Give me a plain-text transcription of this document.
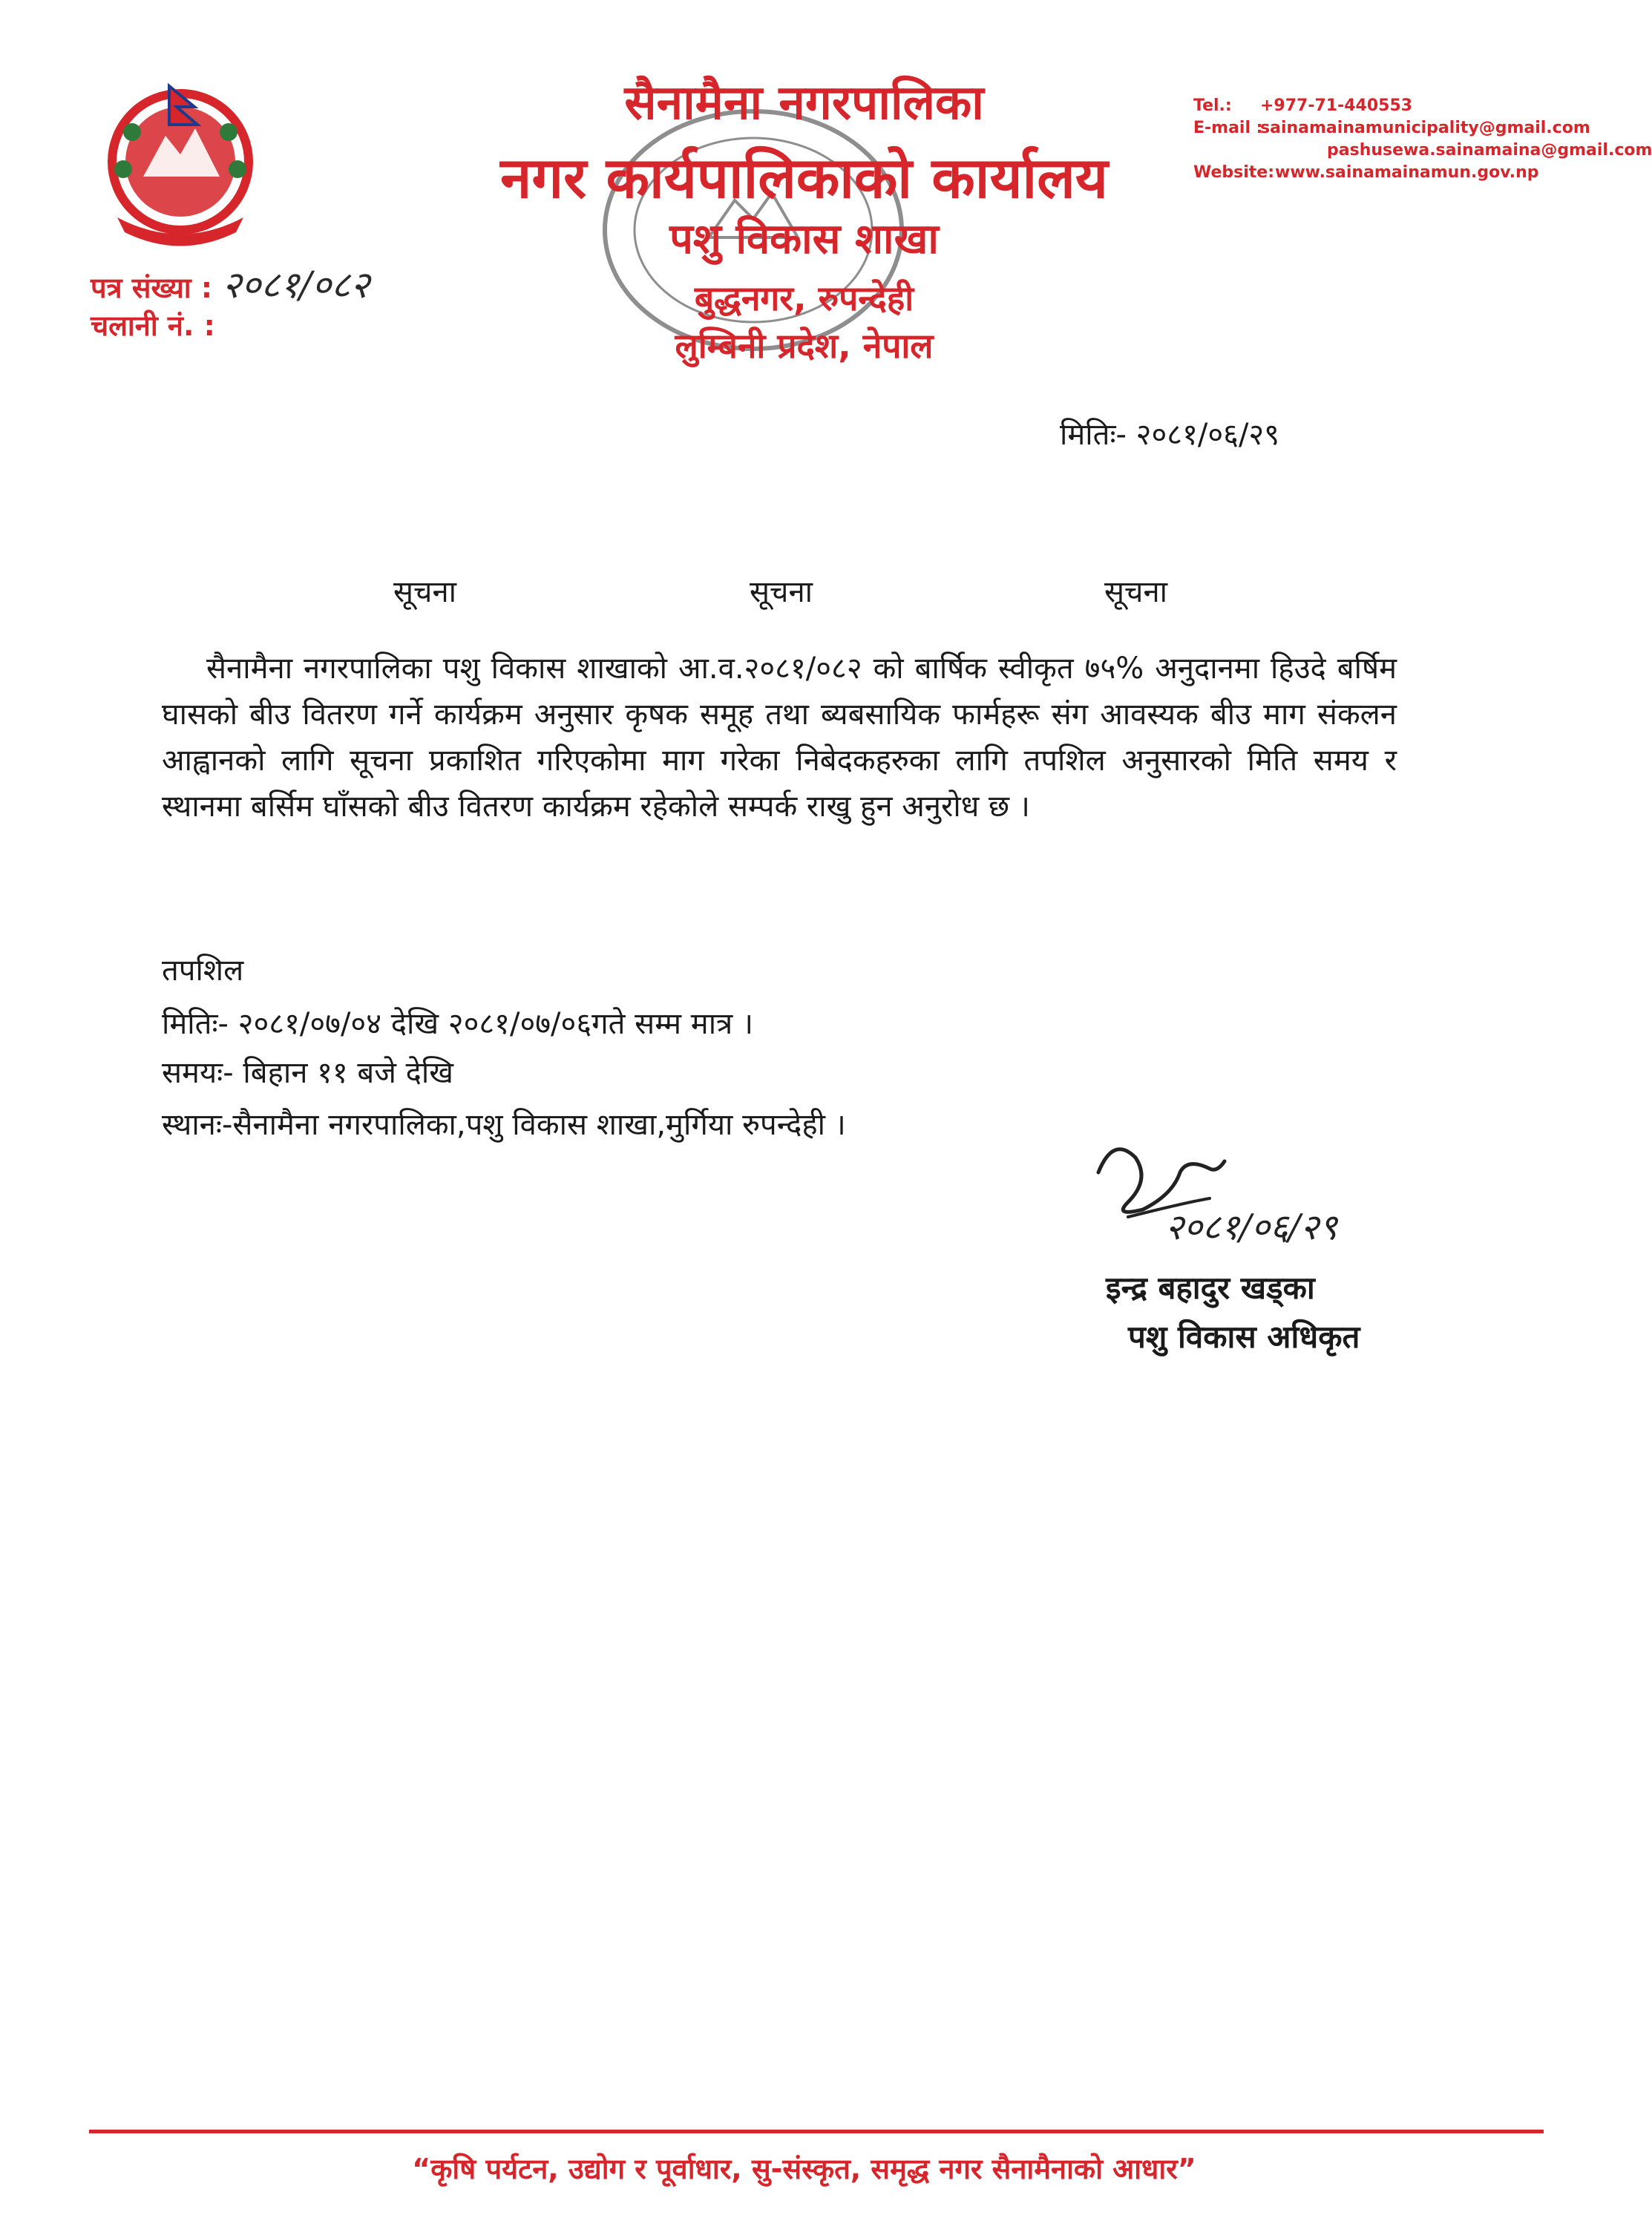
सैनामैना नगरपालिका
नगर कार्यपालिकाको कार्यालय
पशु विकास शाखा
बुद्धनगर, रुपन्देही
लुम्बिनी प्रदेश, नेपाल
Tel.:	+977-71-440553
E-mail :
sainamainamunicipality@gmail.com
pashusewa.sainamaina@gmail.com
Website: www.sainamainamun.gov.np
पत्र संख्या : २०८१/०८२
चलानी नं. :
मितिः- २०८१/०६/२९
सूचना	सूचना	सूचना
सैनामैना नगरपालिका पशु विकास शाखाको आ.व.२०८१/०८२ को बार्षिक स्वीकृत ७५% अनुदानमा हिउदे बर्षिम घासको बीउ वितरण गर्ने कार्यक्रम अनुसार कृषक समूह तथा ब्यबसायिक फार्महरू संग आवस्यक बीउ माग संकलन आह्वानको लागि सूचना प्रकाशित गरिएकोमा माग गरेका निबेदकहरुका लागि तपशिल अनुसारको मिति समय र स्थानमा बर्सिम घाँसको बीउ वितरण कार्यक्रम रहेकोले सम्पर्क राखु हुन अनुरोध छ ।
तपशिल
मितिः- २०८१/०७/०४ देखि २०८१/०७/०६गते सम्म मात्र ।
समयः- बिहान ११ बजे देखि
स्थानः-सैनामैना नगरपालिका,पशु विकास शाखा,मुर्गिया रुपन्देही ।
२०८१/०६/२९
इन्द्र बहादुर खड्का
पशु विकास अधिकृत
“कृषि पर्यटन, उद्योग र पूर्वाधार, सु-संस्कृत, समृद्ध नगर सैनामैनाको आधार”
